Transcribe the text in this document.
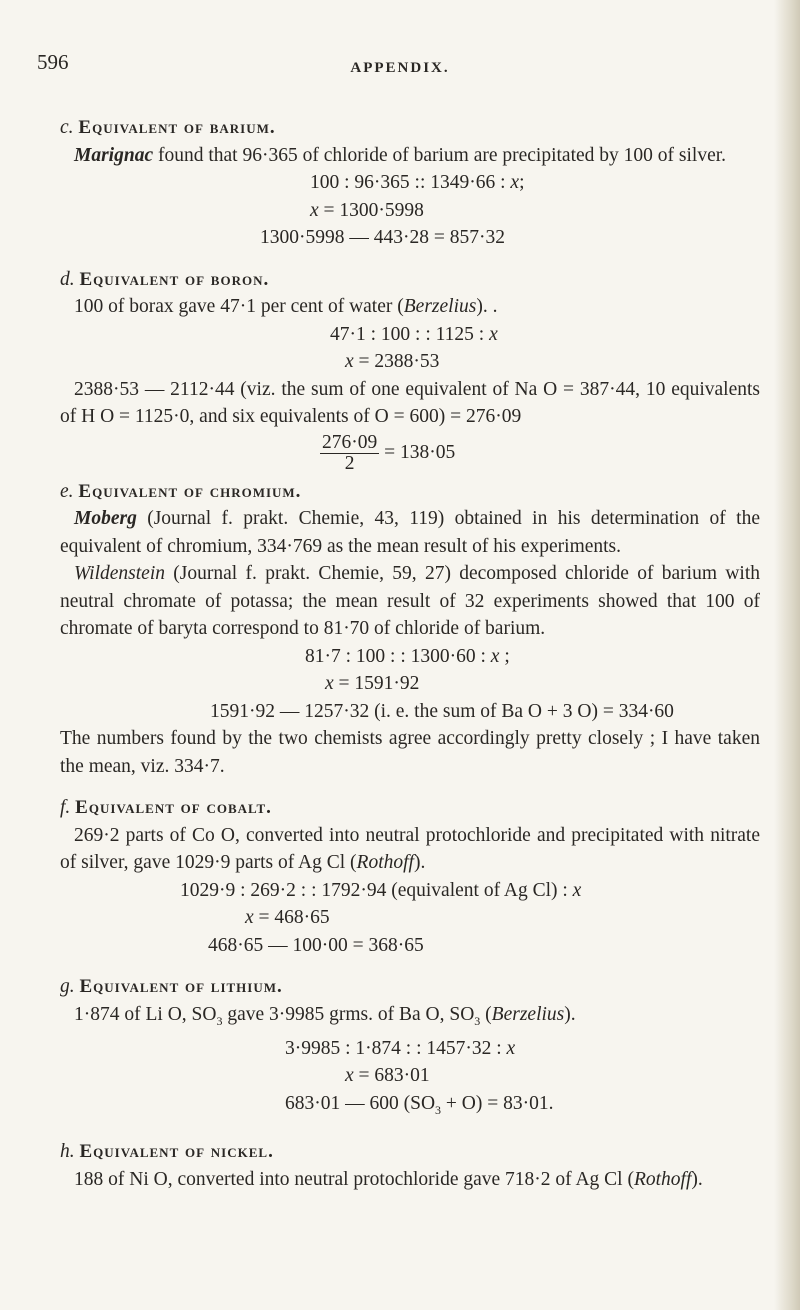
596	APPENDIX.

c. Equivalent of barium.

Marignac found that 96·365 of chloride of barium are precipitated by 100 of silver.

100 : 96·365 :: 1349·66 : x;

x = 1300·5998

1300·5998 — 443·28 = 857·32

d. Equivalent of boron.

100 of borax gave 47·1 per cent of water (Berzelius). .

47·1 : 100 : : 1125 : x

x = 2388·53

2388·53 — 2112·44 (viz. the sum of one equivalent of Na O = 387·44, 10 equivalents of H O = 1125·0, and six equivalents of O = 600) = 276·09

$\frac{276\cdot 09}{2} = 138\cdot 05$

e. Equivalent of chromium.

Moberg (Journal f. prakt. Chemie, 43, 119) obtained in his determination of the equivalent of chromium, 334·769 as the mean result of his experiments.

Wildenstein (Journal f. prakt. Chemie, 59, 27) decomposed chloride of barium with neutral chromate of potassa; the mean result of 32 experiments showed that 100 of chromate of baryta correspond to 81·70 of chloride of barium.

81·7 : 100 : : 1300·60 : x ;

x = 1591·92

1591·92 — 1257·32 (i. e. the sum of Ba O + 3 O) = 334·60

The numbers found by the two chemists agree accordingly pretty closely ; I have taken the mean, viz. 334·7.

f. Equivalent of cobalt.

269·2 parts of Co O, converted into neutral protochloride and precipitated with nitrate of silver, gave 1029·9 parts of Ag Cl (Rothoff).

1029·9 : 269·2 : : 1792·94 (equivalent of Ag Cl) : x

x = 468·65

468·65 — 100·00 = 368·65

g. Equivalent of lithium.

1·874 of Li O, $SO_3$ gave 3·9985 grms. of Ba O, $SO_3$ (Berzelius).

3·9985 : 1·874 : : 1457·32 : x

x = 683·01

683·01 — 600 $(SO_3 + O) = 83\cdot 01$.

h. Equivalent of nickel.

188 of Ni O, converted into neutral protochloride gave 718·2 of Ag Cl (Rothoff).
